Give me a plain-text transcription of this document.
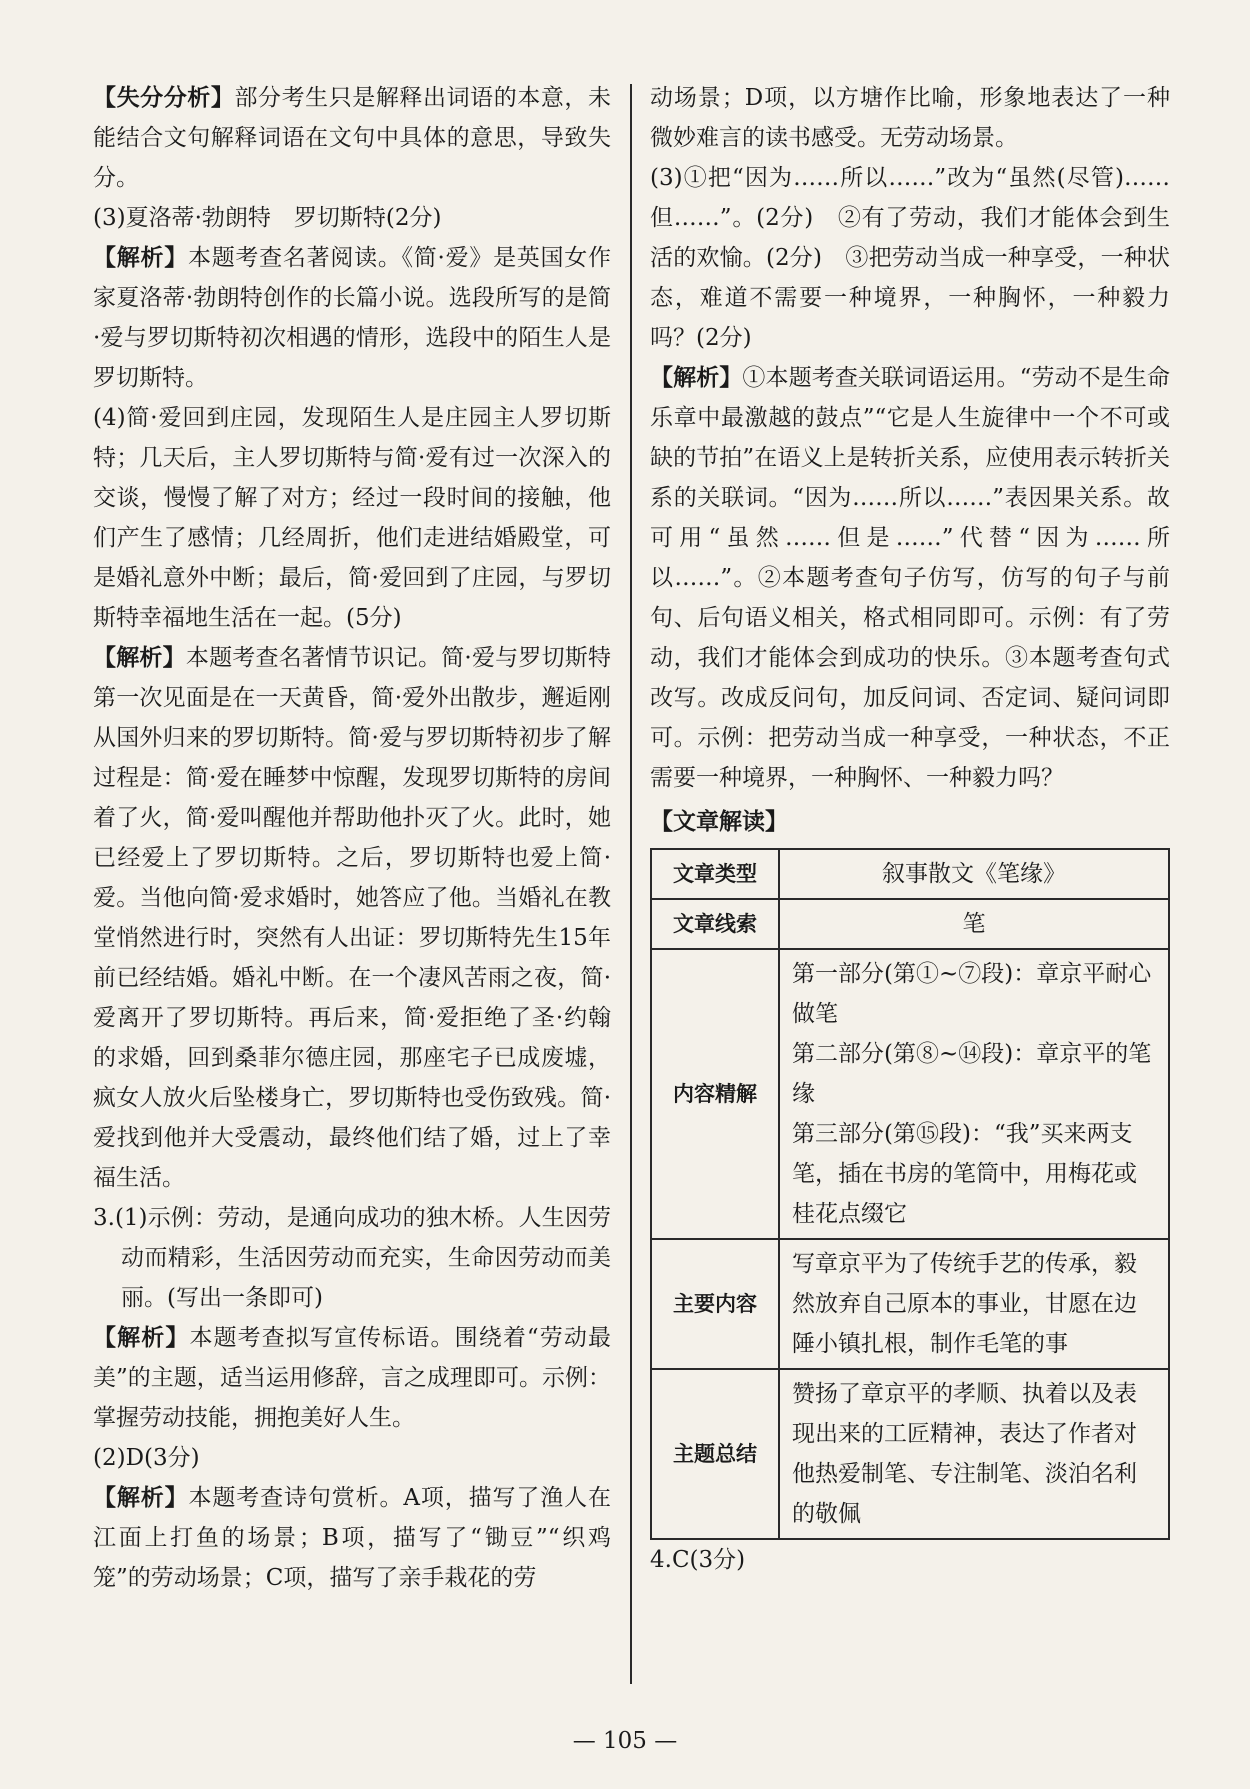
【失分分析】部分考生只是解释出词语的本意，未能结合文句解释词语在文句中具体的意思，导致失分。

(3)夏洛蒂·勃朗特　罗切斯特(2分)

【解析】本题考查名著阅读。《简·爱》是英国女作家夏洛蒂·勃朗特创作的长篇小说。选段所写的是简·爱与罗切斯特初次相遇的情形，选段中的陌生人是罗切斯特。

(4)简·爱回到庄园，发现陌生人是庄园主人罗切斯特；几天后，主人罗切斯特与简·爱有过一次深入的交谈，慢慢了解了对方；经过一段时间的接触，他们产生了感情；几经周折，他们走进结婚殿堂，可是婚礼意外中断；最后，简·爱回到了庄园，与罗切斯特幸福地生活在一起。(5分)

【解析】本题考查名著情节识记。简·爱与罗切斯特第一次见面是在一天黄昏，简·爱外出散步，邂逅刚从国外归来的罗切斯特。简·爱与罗切斯特初步了解过程是：简·爱在睡梦中惊醒，发现罗切斯特的房间着了火，简·爱叫醒他并帮助他扑灭了火。此时，她已经爱上了罗切斯特。之后，罗切斯特也爱上简·爱。当他向简·爱求婚时，她答应了他。当婚礼在教堂悄然进行时，突然有人出证：罗切斯特先生15年前已经结婚。婚礼中断。在一个凄风苦雨之夜，简·爱离开了罗切斯特。再后来，简·爱拒绝了圣·约翰的求婚，回到桑菲尔德庄园，那座宅子已成废墟，疯女人放火后坠楼身亡，罗切斯特也受伤致残。简·爱找到他并大受震动，最终他们结了婚，过上了幸福生活。

3.(1)示例：劳动，是通向成功的独木桥。人生因劳动而精彩，生活因劳动而充实，生命因劳动而美丽。(写出一条即可)

【解析】本题考查拟写宣传标语。围绕着“劳动最美”的主题，适当运用修辞，言之成理即可。示例：掌握劳动技能，拥抱美好人生。

(2)D(3分)

【解析】本题考查诗句赏析。A项，描写了渔人在江面上打鱼的场景；B项，描写了“锄豆”“织鸡笼”的劳动场景；C项，描写了亲手栽花的劳

动场景；D项，以方塘作比喻，形象地表达了一种微妙难言的读书感受。无劳动场景。

(3)①把“因为……所以……”改为“虽然(尽管)……但……”。(2分)　②有了劳动，我们才能体会到生活的欢愉。(2分)　③把劳动当成一种享受，一种状态，难道不需要一种境界，一种胸怀，一种毅力吗？(2分)

【解析】①本题考查关联词语运用。“劳动不是生命乐章中最激越的鼓点”“它是人生旋律中一个不可或缺的节拍”在语义上是转折关系，应使用表示转折关系的关联词。“因为……所以……”表因果关系。故可用“虽然……但是……”代替“因为……所以……”。②本题考查句子仿写，仿写的句子与前句、后句语义相关，格式相同即可。示例：有了劳动，我们才能体会到成功的快乐。③本题考查句式改写。改成反问句，加反问词、否定词、疑问词即可。示例：把劳动当成一种享受，一种状态，不正需要一种境界，一种胸怀、一种毅力吗？

【文章解读】

文章类型	叙事散文《笔缘》
文章线索	笔
内容精解	第一部分(第①~⑦段)：章京平耐心做笔
第二部分(第⑧~⑭段)：章京平的笔缘
第三部分(第⑮段)：“我”买来两支笔，插在书房的笔筒中，用梅花或桂花点缀它

主要内容	写章京平为了传统手艺的传承，毅然放弃自己原本的事业，甘愿在边陲小镇扎根，制作毛笔的事
主题总结	赞扬了章京平的孝顺、执着以及表现出来的工匠精神，表达了作者对他热爱制笔、专注制笔、淡泊名利的敬佩

4.C(3分)

— 105 —
